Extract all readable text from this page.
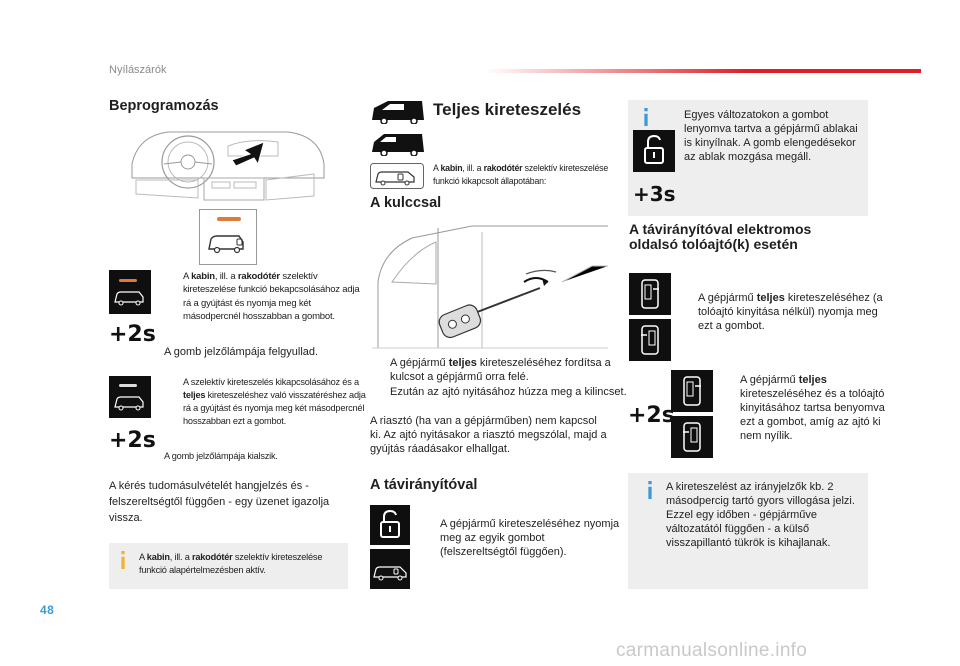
Nyílászárók
Beprogramozás
+2s
A kabin, ill. a rakodótér szelektív kireteszelése funkció bekapcsolásához adja rá a gyújtást és nyomja meg két másodpercnél hosszabban a gombot.
A gomb jelzőlámpája felgyullad.
+2s
A szelektív kireteszelés kikapcsolásához és a teljes kireteszeléshez való visszatéréshez adja rá a gyújtást és nyomja meg két másodpercnél hosszabban ezt a gombot.
A gomb jelzőlámpája kialszik.
A kérés tudomásulvételét hangjelzés és -felszereltségtől függően - egy üzenet igazolja vissza.
A kabin, ill. a rakodótér szelektív kireteszelése funkció alapértelmezésben aktív.
Teljes kireteszelés
A kabin, ill. a rakodótér szelektív kireteszelése funkció kikapcsolt állapotában:
A kulccsal
A gépjármű teljes kireteszeléséhez fordítsa a kulcsot a gépjármű orra felé.
Ezután az ajtó nyitásához húzza meg a kilincset.
A riasztó (ha van a gépjárműben) nem kapcsol ki. Az ajtó nyitásakor a riasztó megszólal, majd a gyújtás ráadásakor elhallgat.
A távirányítóval
A gépjármű kireteszeléséhez nyomja meg az egyik gombot (felszereltségtől függően).
+3s
Egyes változatokon a gombot lenyomva tartva a gépjármű ablakai is kinyílnak. A gomb elengedésekor az ablak mozgása megáll.
A távirányítóval elektromos oldalsó tolóajtó(k) esetén
A gépjármű teljes kireteszeléséhez (a tolóajtó kinyitása nélkül) nyomja meg ezt a gombot.
+2s
A gépjármű teljes kireteszeléséhez és a tolóajtó kinyitásához tartsa benyomva ezt a gombot, amíg az ajtó ki nem nyílik.
A kireteszelést az irányjelzők kb. 2 másodpercig tartó gyors villogása jelzi.
Ezzel egy időben - gépjárműve változatától függően - a külső visszapillantó tükrök is kihajlanak.
48
carmanualsonline.info
